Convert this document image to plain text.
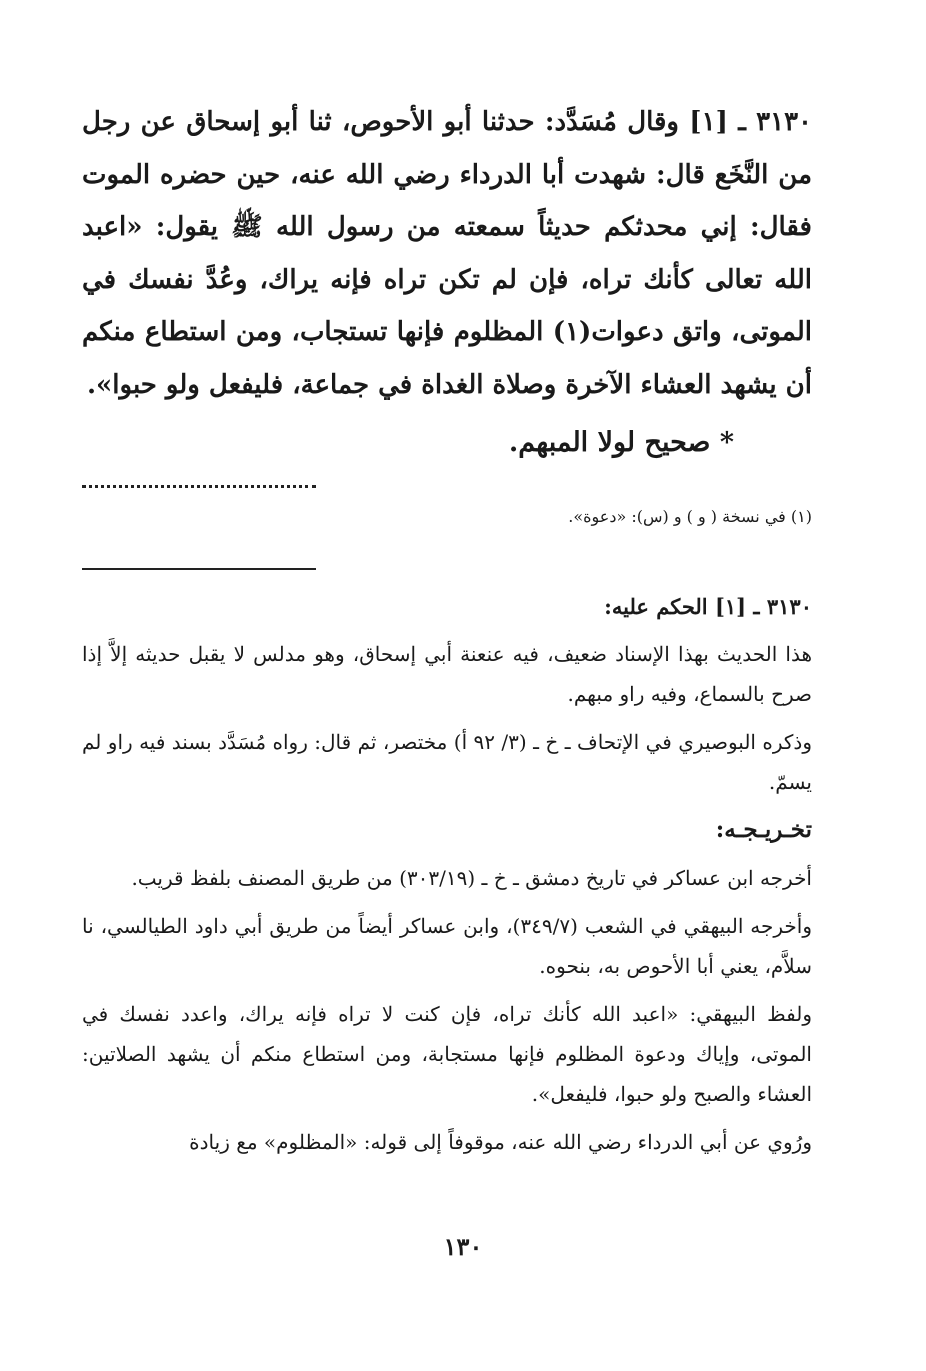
٣١٣٠ ـ [١] وقال مُسَدَّد: حدثنا أبو الأحوص، ثنا أبو إسحاق عن رجل من النَّخَع قال: شهدت أبا الدرداء رضي الله عنه، حين حضره الموت فقال: إني محدثكم حديثاً سمعته من رسول الله ﷺ يقول: «اعبد الله تعالى كأنك تراه، فإن لم تكن تراه فإنه يراك، وعُدَّ نفسك في الموتى، واتق دعوات(١) المظلوم فإنها تستجاب، ومن استطاع منكم أن يشهد العشاء الآخرة وصلاة الغداة في جماعة، فليفعل ولو حبوا».

* صحيح لولا المبهم.

(١) في نسخة ( و ) و (س): «دعوة».
٣١٣٠ ـ [١] الحكم عليه:

هذا الحديث بهذا الإسناد ضعيف، فيه عنعنة أبي إسحاق، وهو مدلس لا يقبل حديثه إلاَّ إذا صرح بالسماع، وفيه راو مبهم.

وذكره البوصيري في الإتحاف ـ خ ـ (٣/ ٩٢ أ) مختصر، ثم قال: رواه مُسَدَّد بسند فيه راو لم يسمّ.

تخـريـجـه:

أخرجه ابن عساكر في تاريخ دمشق ـ خ ـ (٣٠٣/١٩) من طريق المصنف بلفظ قريب.

وأخرجه البيهقي في الشعب (٣٤٩/٧)، وابن عساكر أيضاً من طريق أبي داود الطيالسي، نا سلاَّم، يعني أبا الأحوص به، بنحوه.

ولفظ البيهقي: «اعبد الله كأنك تراه، فإن كنت لا تراه فإنه يراك، واعدد نفسك في الموتى، وإياك ودعوة المظلوم فإنها مستجابة، ومن استطاع منكم أن يشهد الصلاتين: العشاء والصبح ولو حبوا، فليفعل».

ورُوي عن أبي الدرداء رضي الله عنه، موقوفاً إلى قوله: «المظلوم» مع زيادة

١٣٠
